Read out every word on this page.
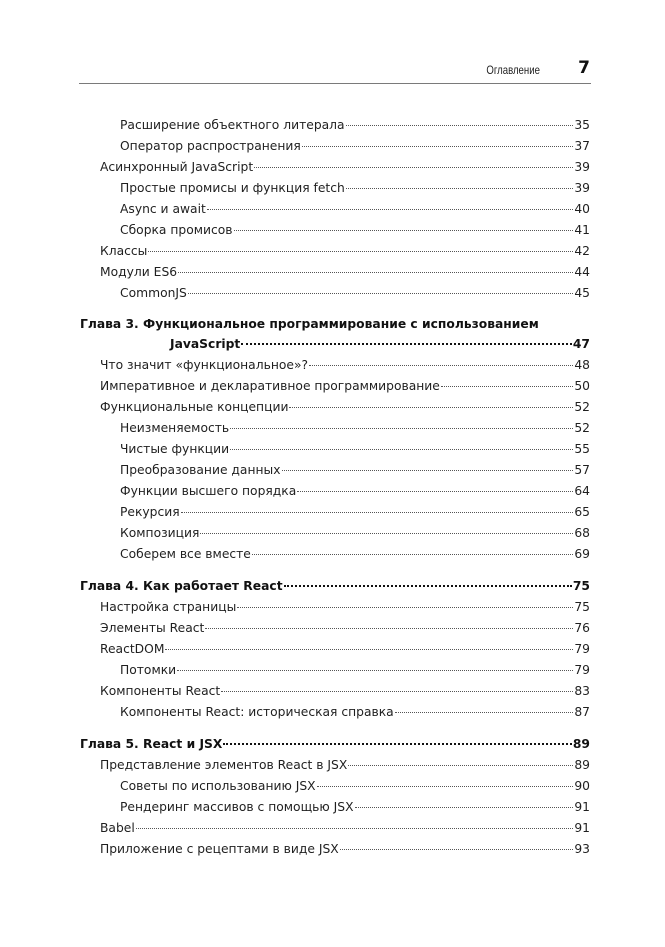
Оглавление 7
Расширение объектного литерала	35
Оператор распространения	37
Асинхронный JavaScript	39
Простые промисы и функция fetch	39
Async и await	40
Сборка промисов	41
Классы	42
Модули ES6	44
CommonJS	45
Глава 3. Функциональное программирование с использованием
JavaScript	47
Что значит «функциональное»?	48
Императивное и декларативное программирование	50
Функциональные концепции	52
Неизменяемость	52
Чистые функции	55
Преобразование данных	57
Функции высшего порядка	64
Рекурсия	65
Композиция	68
Соберем все вместе	69
Глава 4. Как работает React	75
Настройка страницы	75
Элементы React	76
ReactDOM	79
Потомки	79
Компоненты React	83
Компоненты React: историческая справка	87
Глава 5. React и JSX	89
Представление элементов React в JSX	89
Советы по использованию JSX	90
Рендеринг массивов с помощью JSX	91
Babel	91
Приложение с рецептами в виде JSX	93
